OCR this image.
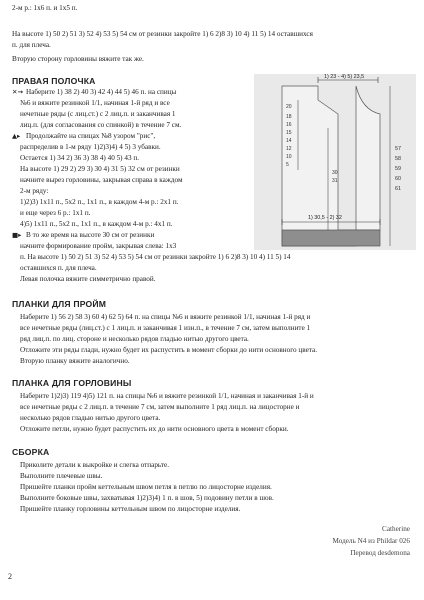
2-м р.: 1х6 п. и 1х5 п.
На высоте 1) 50 2) 51 3) 52 4) 53 5) 54 см от резинки закройте 1) 6 2)8 3) 10 4) 11 5) 14 оставшихся
п. для плеча.
Вторую сторону горловины вяжите так же.
ПРАВАЯ ПОЛОЧКА
✕→ Наберите 1) 38 2) 40 3) 42 4) 44 5) 46 п. на спицы
№6 и вяжите резинкой 1/1, начиная 1-й ряд и все
нечетные ряды (с лиц.ст.) с 2 лиц.п. и заканчивая 1
лиц.п. (для согласования со спинкой) в течение 7 см.
▲▸ Продолжайте на спицах №8 узором "рис",
распределив в 1-м ряду 1)2)3)4) 4 5) 3 убавки.
Остается 1) 34 2) 36 3) 38 4) 40 5) 43 п.
На высоте 1) 29 2) 29 3) 30 4) 31 5) 32 см от резинки
начните вырез горловины, закрывая справа в каждом
2-м ряду:
1)2)3) 1х11 п., 5х2 п., 1х1 п., в каждом 4-м р.: 2х1 п.
и еще через 6 р.: 1х1 п.
4)5) 1х11 п., 5х2 п., 1х1 п., в каждом 4-м р.: 4х1 п.
■▸ В то же время на высоте 30 см от резинки
начните формирование пройм, закрывая слева: 1х3
п. На высоте 1) 50 2) 51 3) 52 4) 53 5) 54 см от резинки закройте 1) 6 2)8 3) 10 4) 11 5) 14
оставшихся п. для плеча.
Левая полочка вяжите симметрично правой.
1) 23 - 4) 5) 23,5
1) 30,5 - 2) 32
20
18
16
15
14
12
10
5
30
31
57
58
59
60
61
ПЛАНКИ ДЛЯ ПРОЙМ
Наберите 1) 56 2) 58 3) 60 4) 62 5) 64 п. на спицы №6 и вяжите резинкой 1/1, начиная 1-й ряд и
все нечетные ряды (лиц.ст.) с 1 лиц.п. и заканчивая 1 изн.п., в течение 7 см, затем выполните 1
ряд лиц.п. по лиц. стороне и несколько рядов гладью нитью другого цвета.
Отложите эти ряды глади, нужно будет их распустить в момент сборки до нити основного цвета.
Вторую планку вяжите аналогично.
ПЛАНКА ДЛЯ ГОРЛОВИНЫ
Наберите 1)2)3) 119 4)5) 121 п. на спицы №6 и вяжите резинкой 1/1, начиная и заканчивая 1-й и
все нечетные ряды с 2 лиц.п. в течение 7 см, затем выполните 1 ряд лиц.п. на лицосторне и
несколько рядов гладью нитью другого цвета.
Отложите петли, нужно будет распустить их до нити основного цвета в момент сборки.
СБОРКА
Приколите детали к выкройке и слегка отпарьте.
Выполните плечевые швы.
Пришейте планки пройм кеттельным швом петля в петлю по лицосторне изделия.
Выполните боковые швы, захватывая 1)2)3)4) 1 п. в шов, 5) подовину петли в шов.
Пришейте планку горловины кеттельным швом по лицосторне изделия.
Catherine
Модель N4 из Phildar 026
Перевод desdemona
2
